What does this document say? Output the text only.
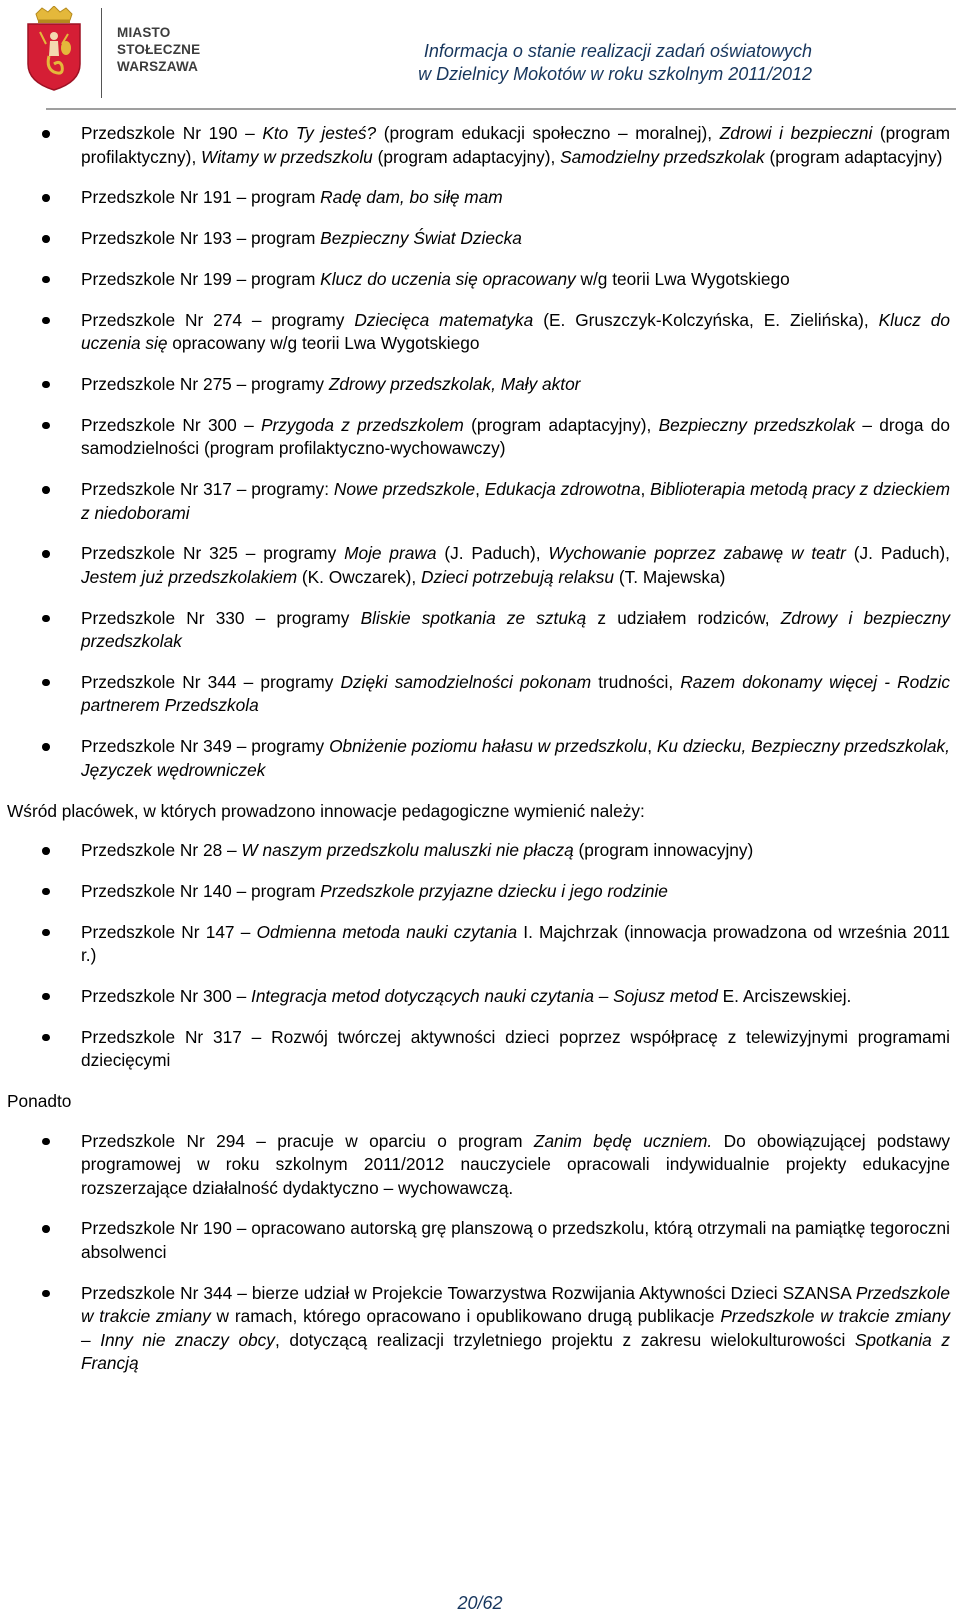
MIASTO
STOŁECZNE
WARSZAWA
Informacja o stanie realizacji zadań oświatowych
w Dzielnicy Mokotów w roku szkolnym 2011/2012
Przedszkole Nr 190 – Kto Ty jesteś? (program edukacji społeczno – moralnej), Zdrowi i bezpieczni (program profilaktyczny), Witamy w przedszkolu (program adaptacyjny), Samodzielny przedszkolak (program adaptacyjny)
Przedszkole Nr 191 – program Radę dam, bo siłę mam
Przedszkole Nr 193 – program Bezpieczny Świat Dziecka
Przedszkole Nr 199 – program Klucz do uczenia się opracowany w/g teorii Lwa Wygotskiego
Przedszkole Nr 274 – programy Dziecięca matematyka (E. Gruszczyk-Kolczyńska, E. Zielińska), Klucz do uczenia się opracowany w/g teorii Lwa Wygotskiego
Przedszkole Nr 275 – programy Zdrowy przedszkolak, Mały aktor
Przedszkole Nr 300 – Przygoda z przedszkolem (program adaptacyjny), Bezpieczny przedszkolak – droga do samodzielności (program profilaktyczno-wychowawczy)
Przedszkole Nr 317 – programy: Nowe przedszkole, Edukacja zdrowotna, Biblioterapia metodą pracy z dzieckiem z niedoborami
Przedszkole Nr 325 – programy Moje prawa (J. Paduch), Wychowanie poprzez zabawę w teatr (J. Paduch), Jestem już przedszkolakiem (K. Owczarek), Dzieci potrzebują relaksu (T. Majewska)
Przedszkole Nr 330 – programy Bliskie spotkania ze sztuką z udziałem rodziców, Zdrowy i bezpieczny przedszkolak
Przedszkole Nr 344 – programy Dzięki samodzielności pokonam trudności, Razem dokonamy więcej - Rodzic partnerem Przedszkola
Przedszkole Nr 349 – programy Obniżenie poziomu hałasu w przedszkolu, Ku dziecku, Bezpieczny przedszkolak, Języczek wędrowniczek

Wśród placówek, w których prowadzono innowacje pedagogiczne wymienić należy:

Przedszkole Nr 28 – W naszym przedszkolu maluszki nie płaczą (program innowacyjny)
Przedszkole Nr 140 – program Przedszkole przyjazne dziecku i jego rodzinie
Przedszkole Nr 147 – Odmienna metoda nauki czytania I. Majchrzak (innowacja prowadzona od września 2011 r.)
Przedszkole Nr 300 – Integracja metod dotyczących nauki czytania – Sojusz metod E. Arciszewskiej.
Przedszkole Nr 317 – Rozwój twórczej aktywności dzieci poprzez współpracę z telewizyjnymi programami dziecięcymi

Ponadto

Przedszkole Nr 294 – pracuje w oparciu o program Zanim będę uczniem. Do obowiązującej podstawy programowej w roku szkolnym 2011/2012 nauczyciele opracowali indywidualnie projekty edukacyjne rozszerzające działalność dydaktyczno – wychowawczą.
Przedszkole Nr 190 – opracowano autorską grę planszową o przedszkolu, którą otrzymali na pamiątkę tegoroczni absolwenci
Przedszkole Nr 344 – bierze udział w Projekcie Towarzystwa Rozwijania Aktywności Dzieci SZANSA Przedszkole w trakcie zmiany w ramach, którego opracowano i opublikowano drugą publikacje Przedszkole w trakcie zmiany – Inny nie znaczy obcy, dotyczącą realizacji trzyletniego projektu z zakresu wielokulturowości Spotkania z Francją
20/62
